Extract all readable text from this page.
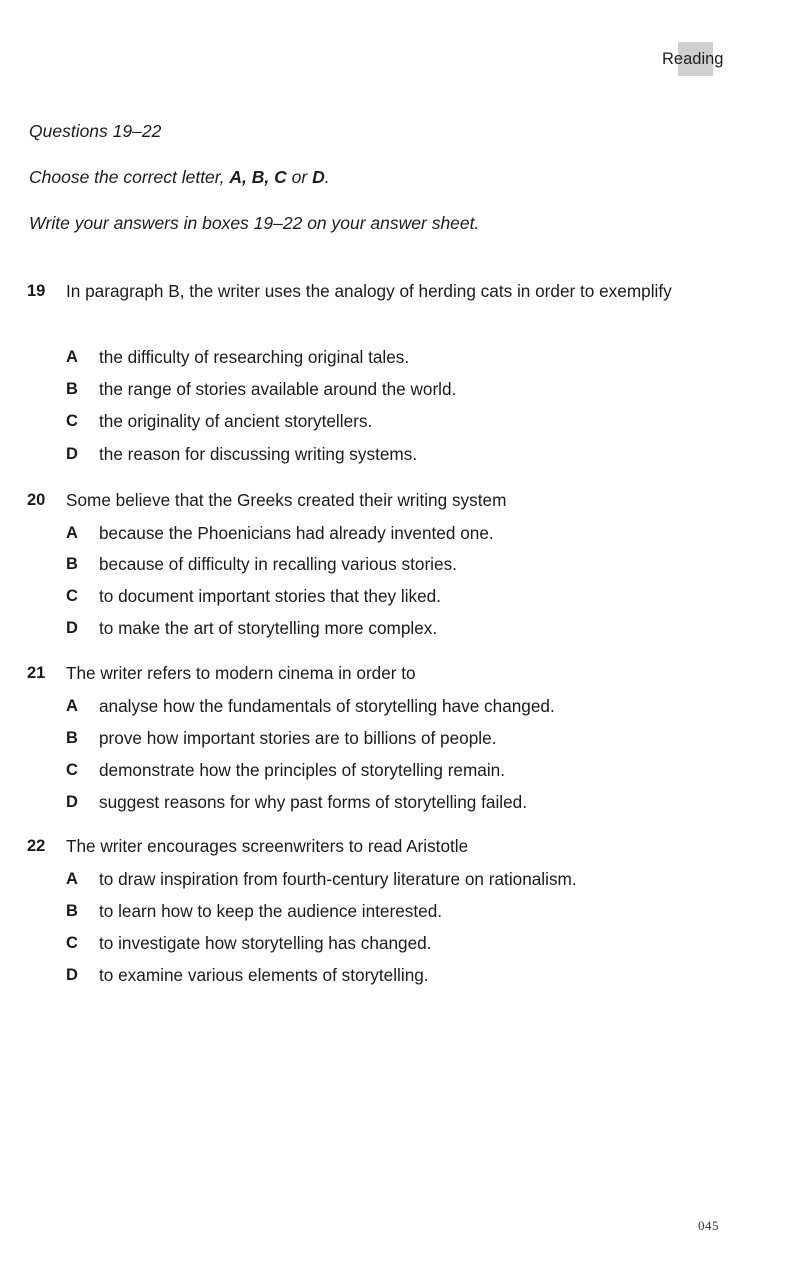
Reading
Questions 19–22
Choose the correct letter, A, B, C or D.
Write your answers in boxes 19–22 on your answer sheet.
19 In paragraph B, the writer uses the analogy of herding cats in order to exemplify
A the difficulty of researching original tales.
B the range of stories available around the world.
C the originality of ancient storytellers.
D the reason for discussing writing systems.
20 Some believe that the Greeks created their writing system
A because the Phoenicians had already invented one.
B because of difficulty in recalling various stories.
C to document important stories that they liked.
D to make the art of storytelling more complex.
21 The writer refers to modern cinema in order to
A analyse how the fundamentals of storytelling have changed.
B prove how important stories are to billions of people.
C demonstrate how the principles of storytelling remain.
D suggest reasons for why past forms of storytelling failed.
22 The writer encourages screenwriters to read Aristotle
A to draw inspiration from fourth-century literature on rationalism.
B to learn how to keep the audience interested.
C to investigate how storytelling has changed.
D to examine various elements of storytelling.
045
